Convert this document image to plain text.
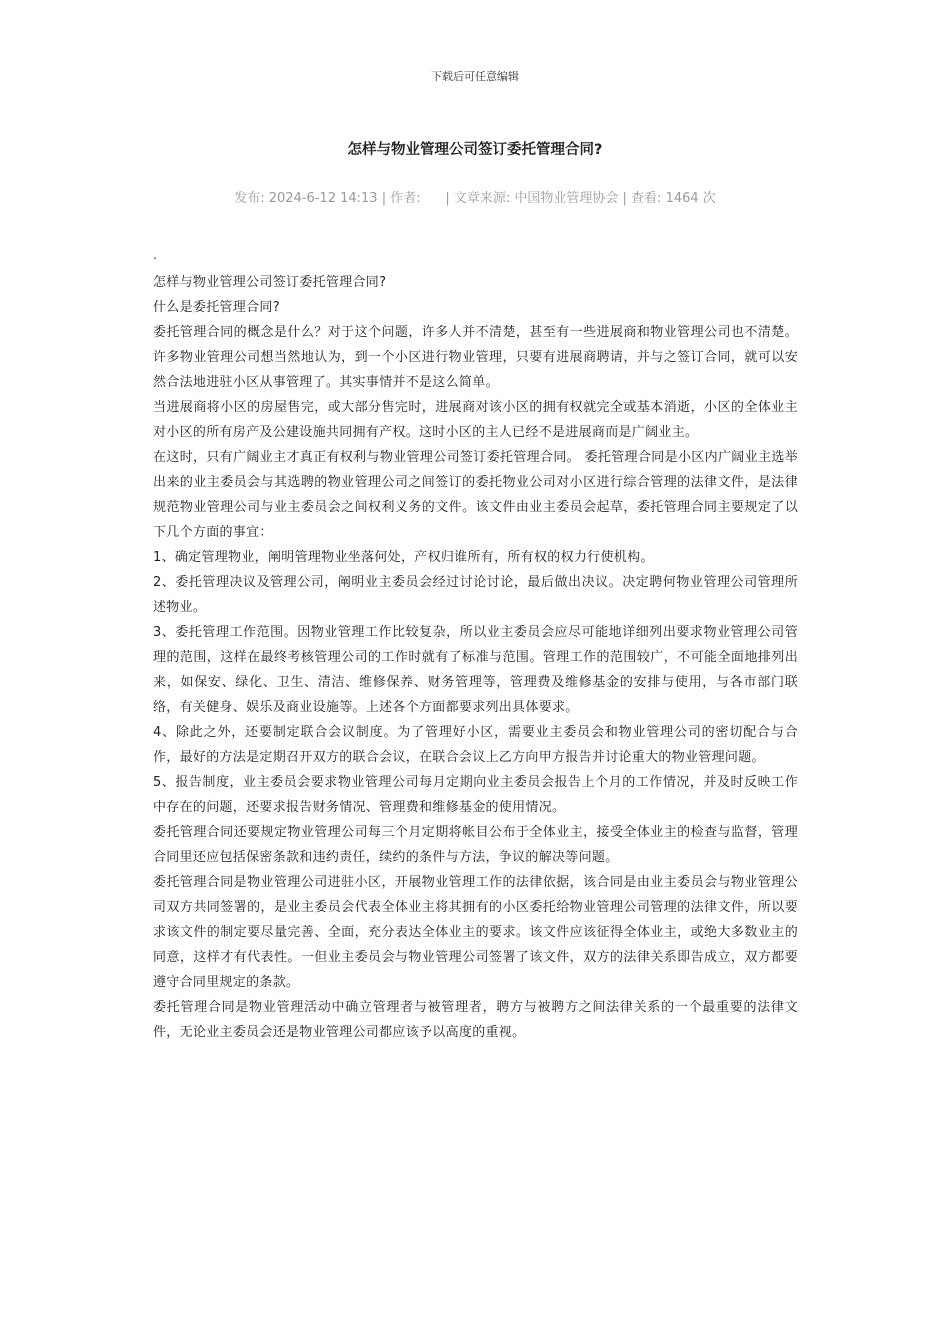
下载后可任意编辑
怎样与物业管理公司签订委托管理合同?
发布: 2024-6-12 14:13 | 作者:      | 文章来源: 中国物业管理协会 | 查看: 1464 次
.

怎样与物业管理公司签订委托管理合同?

什么是委托管理合同?

委托管理合同的概念是什么？对于这个问题，许多人并不清楚，甚至有一些进展商和物业管理公司也不清楚。许多物业管理公司想当然地认为，到一个小区进行物业管理，只要有进展商聘请，并与之签订合同，就可以安然合法地进驻小区从事管理了。其实事情并不是这么简单。

当进展商将小区的房屋售完，或大部分售完时，进展商对该小区的拥有权就完全或基本消逝，小区的全体业主对小区的所有房产及公建设施共同拥有产权。这时小区的主人已经不是进展商而是广阔业主。

在这时，只有广阔业主才真正有权利与物业管理公司签订委托管理合同。 委托管理合同是小区内广阔业主选举出来的业主委员会与其选聘的物业管理公司之间签订的委托物业公司对小区进行综合管理的法律文件，是法律规范物业管理公司与业主委员会之间权利义务的文件。该文件由业主委员会起草，委托管理合同主要规定了以下几个方面的事宜：

1、确定管理物业，阐明管理物业坐落何处，产权归谁所有，所有权的权力行使机构。

2、委托管理决议及管理公司，阐明业主委员会经过讨论讨论，最后做出决议。决定聘何物业管理公司管理所述物业。

3、委托管理工作范围。因物业管理工作比较复杂，所以业主委员会应尽可能地详细列出要求物业管理公司管理的范围，这样在最终考核管理公司的工作时就有了标准与范围。管理工作的范围较广，不可能全面地排列出来，如保安、绿化、卫生、清洁、维修保养、财务管理等，管理费及维修基金的安排与使用，与各市部门联络，有关健身、娱乐及商业设施等。上述各个方面都要求列出具体要求。

4、除此之外，还要制定联合会议制度。为了管理好小区，需要业主委员会和物业管理公司的密切配合与合作，最好的方法是定期召开双方的联合会议，在联合会议上乙方向甲方报告并讨论重大的物业管理问题。

5、报告制度，业主委员会要求物业管理公司每月定期向业主委员会报告上个月的工作情况，并及时反映工作中存在的问题，还要求报告财务情况、管理费和维修基金的使用情况。

委托管理合同还要规定物业管理公司每三个月定期将帐目公布于全体业主，接受全体业主的检查与监督，管理合同里还应包括保密条款和违约责任，续约的条件与方法，争议的解决等问题。

委托管理合同是物业管理公司进驻小区，开展物业管理工作的法律依据，该合同是由业主委员会与物业管理公司双方共同签署的，是业主委员会代表全体业主将其拥有的小区委托给物业管理公司管理的法律文件，所以要求该文件的制定要尽量完善、全面，充分表达全体业主的要求。该文件应该征得全体业主，或绝大多数业主的同意，这样才有代表性。一但业主委员会与物业管理公司签署了该文件，双方的法律关系即告成立，双方都要遵守合同里规定的条款。

委托管理合同是物业管理活动中确立管理者与被管理者，聘方与被聘方之间法律关系的一个最重要的法律文件，无论业主委员会还是物业管理公司都应该予以高度的重视。
